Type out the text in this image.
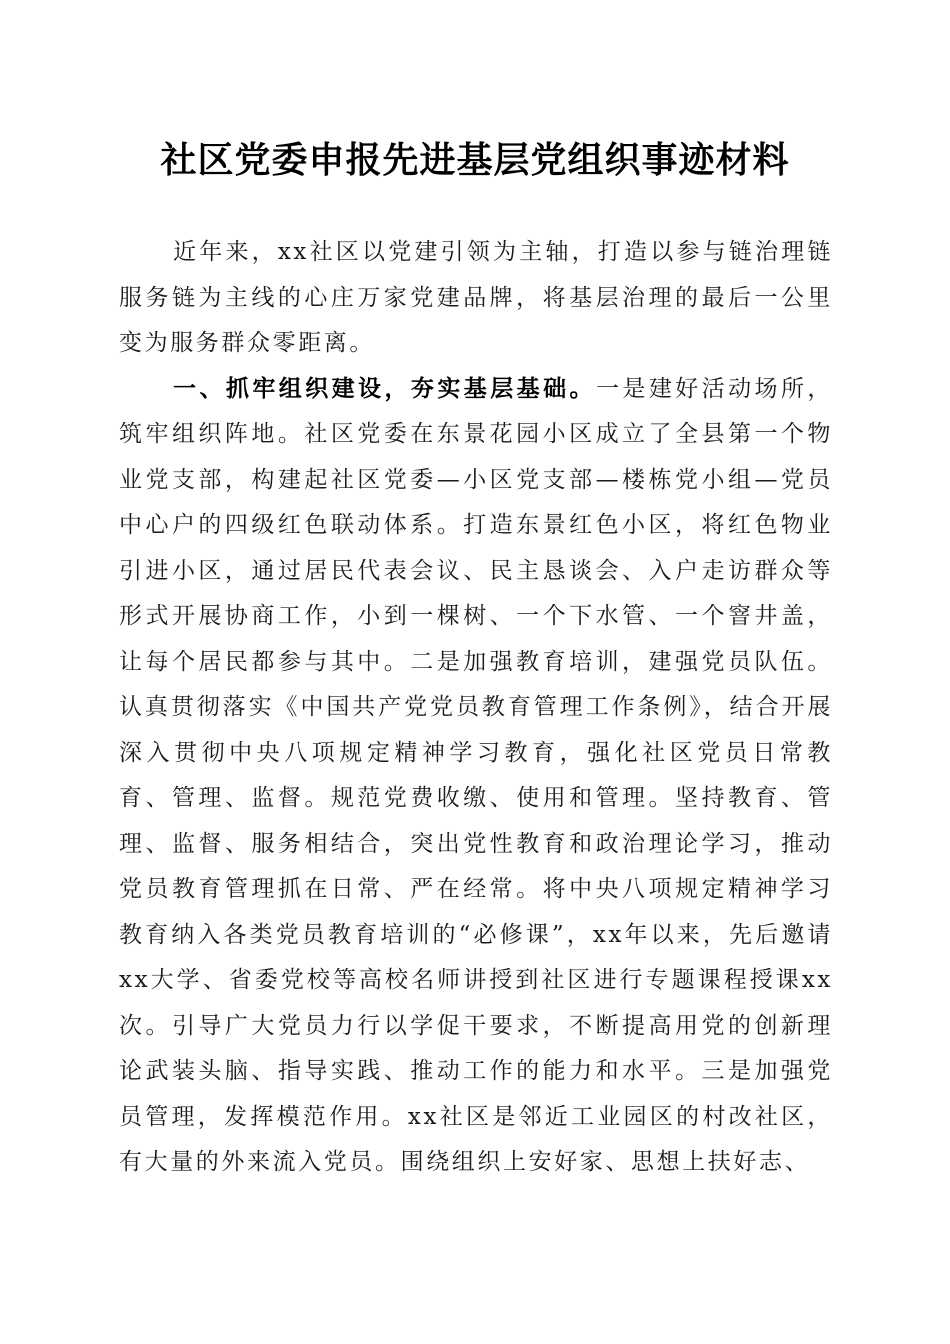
社区党委申报先进基层党组织事迹材料

近年来，xx社区以党建引领为主轴，打造以参与链治理链服务链为主线的心庄万家党建品牌，将基层治理的最后一公里变为服务群众零距离。

一、抓牢组织建设，夯实基层基础。一是建好活动场所，筑牢组织阵地。社区党委在东景花园小区成立了全县第一个物业党支部，构建起社区党委—小区党支部—楼栋党小组—党员中心户的四级红色联动体系。打造东景红色小区，将红色物业引进小区，通过居民代表会议、民主恳谈会、入户走访群众等形式开展协商工作，小到一棵树、一个下水管、一个窨井盖，让每个居民都参与其中。二是加强教育培训，建强党员队伍。认真贯彻落实《中国共产党党员教育管理工作条例》，结合开展深入贯彻中央八项规定精神学习教育，强化社区党员日常教育、管理、监督。规范党费收缴、使用和管理。坚持教育、管理、监督、服务相结合，突出党性教育和政治理论学习，推动党员教育管理抓在日常、严在经常。将中央八项规定精神学习教育纳入各类党员教育培训的“必修课”，xx年以来，先后邀请xx大学、省委党校等高校名师讲授到社区进行专题课程授课xx次。引导广大党员力行以学促干要求，不断提高用党的创新理论武装头脑、指导实践、推动工作的能力和水平。三是加强党员管理，发挥模范作用。xx社区是邻近工业园区的村改社区，有大量的外来流入党员。围绕组织上安好家、思想上扶好志、
